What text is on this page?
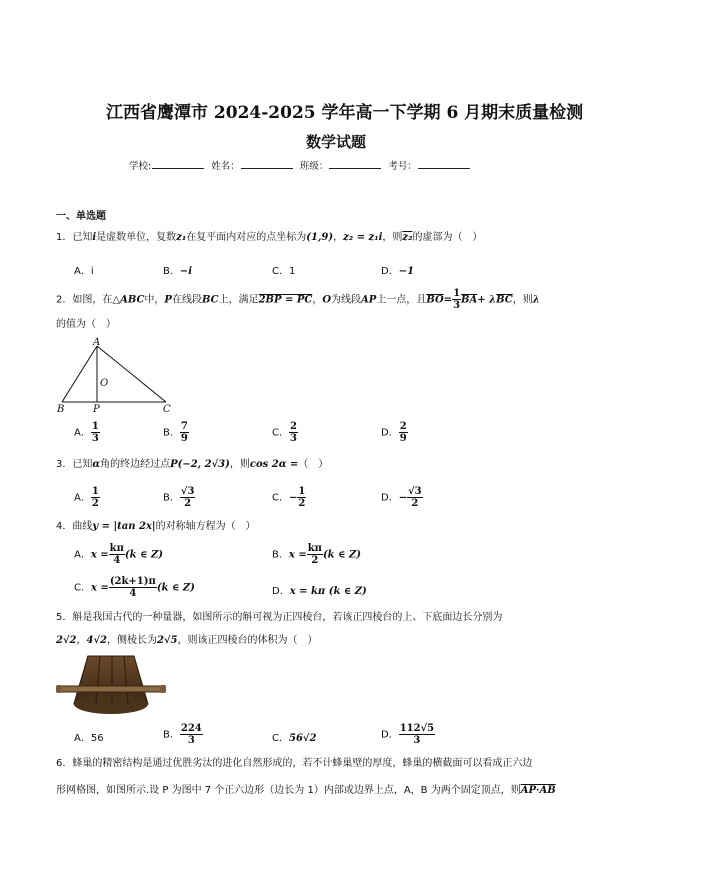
江西省鹰潭市 2024-2025 学年高一下学期 6 月期末质量检测
数学试题
学校:	姓名：	班级：	考号：
一、单选题
1．已知i是虚数单位，复数z₁在复平面内对应的点坐标为(1,9)，z₂ = z₁i，则z₂的虚部为（　）
A．i	B．−i	C．1	D．−1
2．如图，在△ABC中，P在线段BC上，满足2BP = PC，O为线段AP上一点，且$\overline{BO}= \frac{1}{3} \overline{BA}+ \lambda\overline{BC}$，则λ
的值为（　）
A
O
B	P	C
A． $\frac{1}{3}$	B． $\frac{7}{9}$	C． $\frac{2}{3}$	D． $\frac{2}{9}$
3．已知α角的终边经过点P(−2, 2√3)，则cos 2α =（　）
A． $\frac{1}{2}$	B． $\frac{√3}{2}$	C．− $\frac{1}{2}$	D．− $\frac{√3}{2}$
4．曲线y = |tan 2x|的对称轴方程为（　）
A．$x = \frac{k\pi}{4} (k$ ∈ Z)	B．$x = \frac{k\pi}{2} (k$ ∈ Z)
C．$x = \frac{(2k+1)\pi}{4} (k$ ∈ Z)	D．x = kπ (k ∈ Z)
5．斛是我国古代的一种量器，如图所示的斛可视为正四棱台，若该正四棱台的上、下底面边长分别为
2√2，4√2，侧棱长为2√5，则该正四棱台的体积为（　）
A．56	B． $\frac{224}{3}$	C．56√2	D． $\frac{112√5}{3}$
6．蜂巢的精密结构是通过优胜劣汰的进化自然形成的，若不计蜂巢壁的厚度，蜂巢的横截面可以看成正六边
形网格图，如图所示.设 P 为图中 7 个正六边形（边长为 1）内部或边界上点，A，B 为两个固定顶点，则AP·AB
